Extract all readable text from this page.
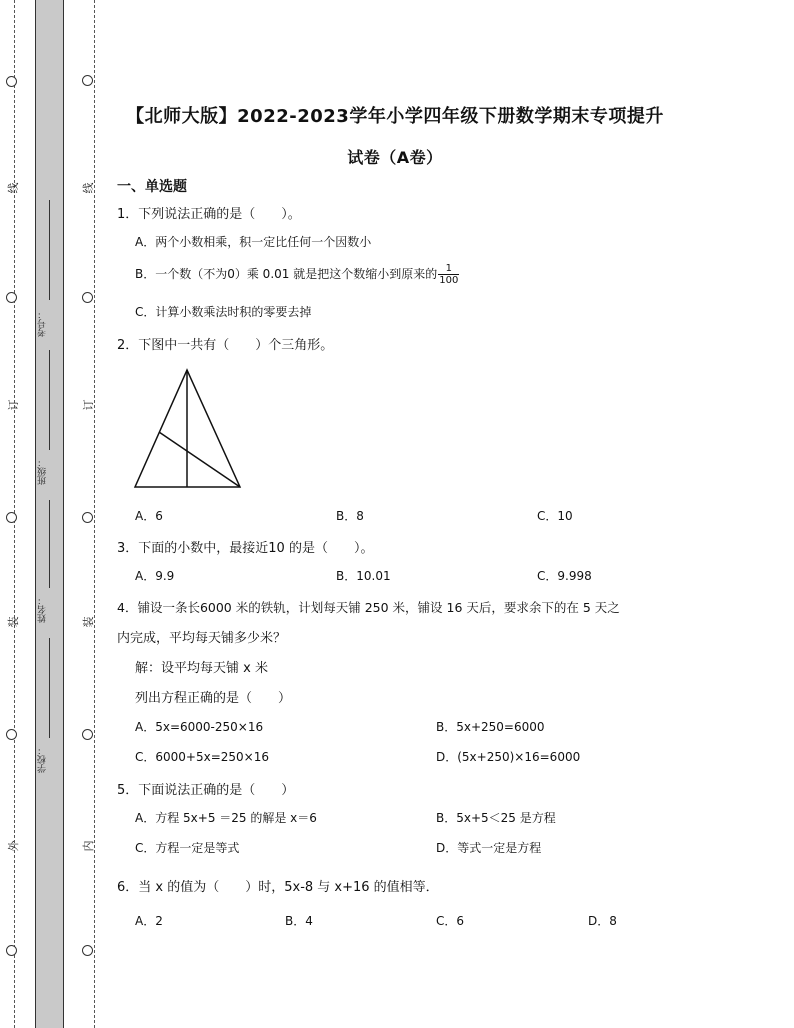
线
订
装
外
线
订
装
内
考号：
班级：
姓名：
学校：
【北师大版】2022-2023学年小学四年级下册数学期末专项提升
试卷（A卷）
一、单选题
1．下列说法正确的是（　　）。
A．两个小数相乘，积一定比任何一个因数小
B．一个数（不为0）乘 0.01 就是把这个数缩小到原来的 $\frac{1}{100}$
C．计算小数乘法时积的零要去掉
2．下图中一共有（　　）个三角形。
A．6	B．8	C．10
3．下面的小数中，最接近10 的是（　　）。
A．9.9	B．10.01	C．9.998
4．铺设一条长6000 米的铁轨，计划每天铺 250 米，铺设 16 天后，要求余下的在 5 天之
内完成，平均每天铺多少米？
解：设平均每天铺 x 米
列出方程正确的是（　　）
A．5x=6000-250×16	B．5x+250=6000
C．6000+5x=250×16	D．(5x+250)×16=6000
5．下面说法正确的是（　　）
A．方程 5x+5 ＝25 的解是 x＝6	B．5x+5＜25 是方程
C．方程一定是等式	D．等式一定是方程
6．当 x 的值为（　　）时，5x-8 与 x+16 的值相等．
A．2	B．4	C．6	D．8
